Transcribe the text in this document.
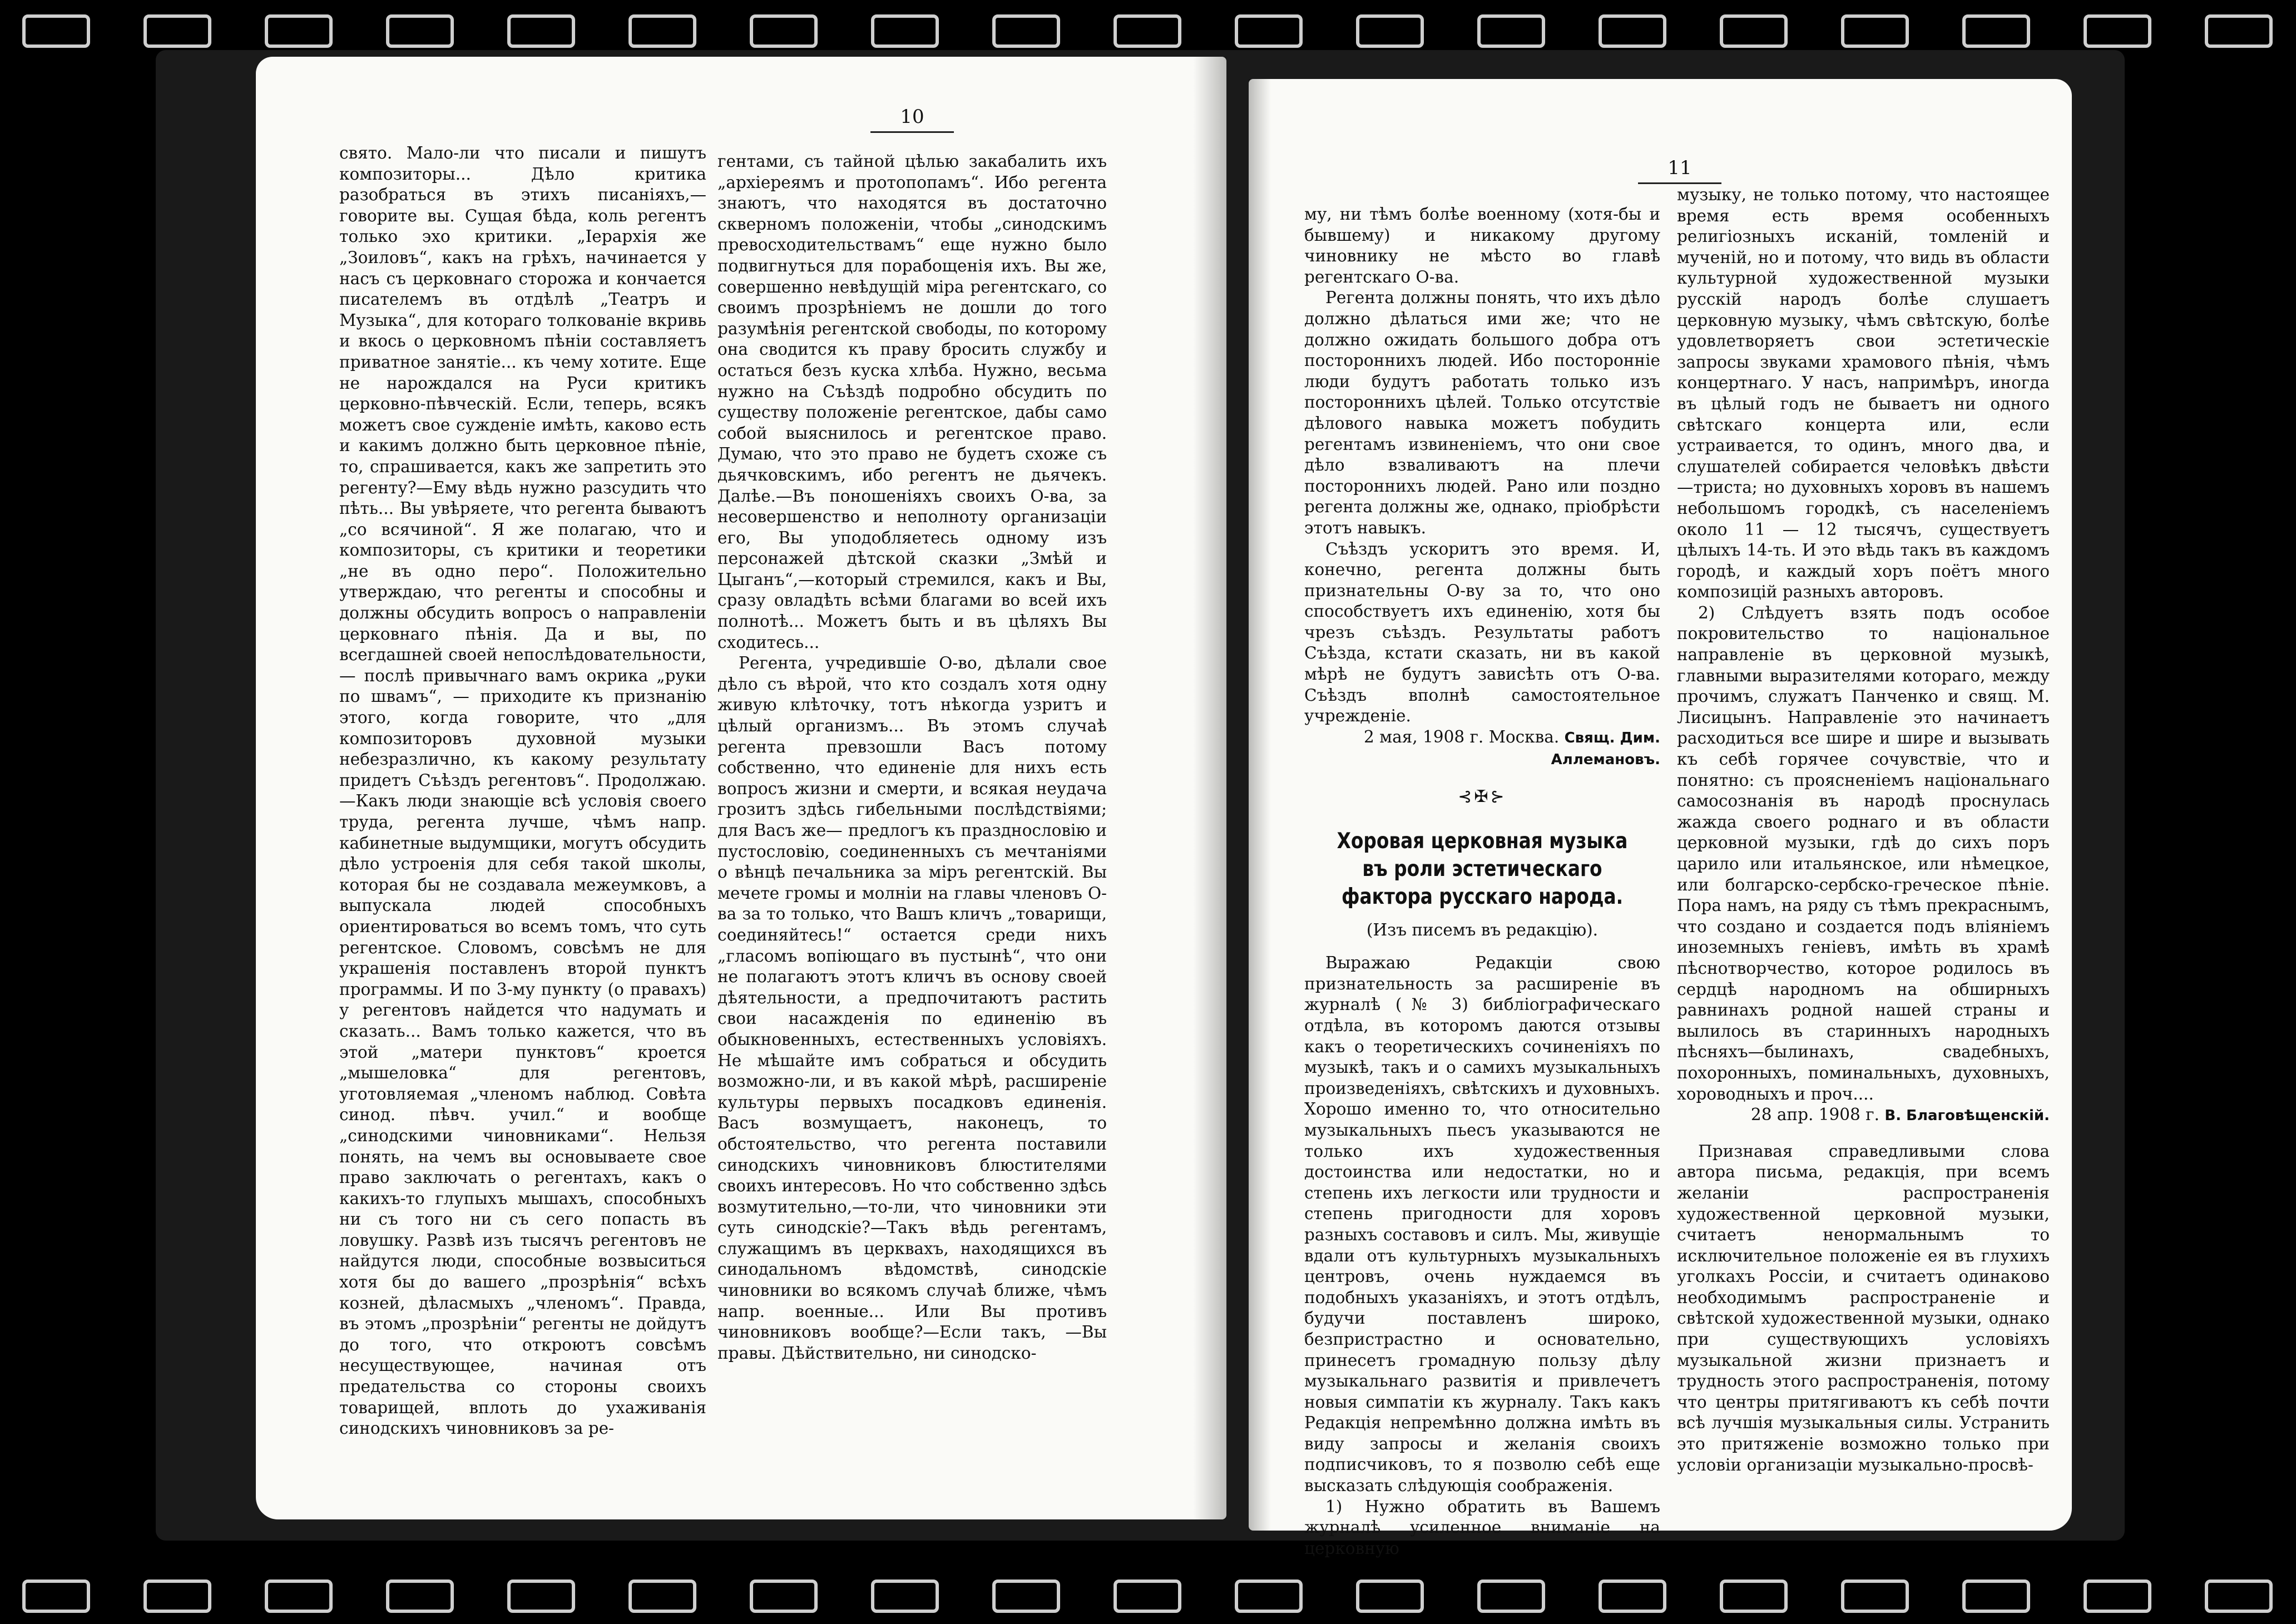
10

свято. Мало-ли что писали и пишутъ композиторы... Дѣло критика разобраться въ этихъ писаніяхъ,—говорите вы. Сущая бѣда, коль регентъ только эхо критики. „Iерархія же „Зоиловъ“, какъ на грѣхъ, начинается у насъ съ церковнаго сторожа и кончается писателемъ въ отдѣлѣ „Театръ и Музыка“, для котораго толкованіе вкривь и вкось о церковномъ пѣніи составляетъ приватное занятіе... къ чему хотите. Еще не нарождался на Руси критикъ церковно-пѣвческій. Если, теперь, всякъ можетъ свое сужденіе имѣть, каково есть и какимъ должно быть церковное пѣніе, то, спрашивается, какъ же запретить это регенту?—Ему вѣдь нужно разсудить что пѣть... Вы увѣряете, что регента бываютъ „со всячиной“. Я же полагаю, что и композиторы, съ критики и теоретики „не въ одно перо“. Положительно утверждаю, что регенты и способны и должны обсудить вопросъ о направленіи церковнаго пѣнія. Да и вы, по всегдашней своей непослѣдовательности, — послѣ привычнаго вамъ окрика „руки по швамъ“, — приходите къ признанію этого, когда говорите, что „для композиторовъ духовной музыки небезразлично, къ какому результату придетъ Съѣздъ регентовъ“. Продолжаю.—Какъ люди знающіе всѣ условія своего труда, регента лучше, чѣмъ напр. кабинетные выдумщики, могутъ обсудить дѣло устроенія для себя такой школы, которая бы не создавала межеумковъ, а выпускала людей способныхъ ориентироваться во всемъ томъ, что суть регентское. Словомъ, совсѣмъ не для украшенія поставленъ второй пунктъ программы. И по 3-му пункту (о правахъ) у регентовъ найдется что надумать и сказать... Вамъ только кажется, что въ этой „матери пунктовъ“ кроется „мышеловка“ для регентовъ, уготовляемая „членомъ наблюд. Совѣта синод. пѣвч. учил.“ и вообще „синодскими чиновниками“. Нельзя понять, на чемъ вы основываете свое право заключать о регентахъ, какъ о какихъ-то глупыхъ мышахъ, способныхъ ни съ того ни съ сего попасть въ ловушку. Развѣ изъ тысячъ регентовъ не найдутся люди, способные возвыситься хотя бы до вашего „прозрѣнія“ всѣхъ козней, дѣласмыхъ „членомъ“. Правда, въ этомъ „прозрѣніи“ регенты не дойдутъ до того, что откроютъ совсѣмъ несуществующее, начиная отъ предательства со стороны своихъ товарищей, вплоть до ухаживанія синодскихъ чиновниковъ за ре-

гентами, съ тайной цѣлью закабалить ихъ „архіереямъ и протопопамъ“. Ибо регента знаютъ, что находятся въ достаточно скверномъ положеніи, чтобы „синодскимъ превосходительствамъ“ еще нужно было подвигнуться для порабощенія ихъ. Вы же, совершенно невѣдущій міра регентскаго, со своимъ прозрѣніемъ не дошли до того разумѣнія регентской свободы, по которому она сводится къ праву бросить службу и остаться безъ куска хлѣба. Нужно, весьма нужно на Съѣздѣ подробно обсудить по существу положеніе регентское, дабы само собой выяснилось и регентское право. Думаю, что это право не будетъ схоже съ дьячковскимъ, ибо регентъ не дьячекъ. Далѣе.—Въ поношеніяхъ своихъ О-ва, за несовершенство и неполноту организаціи его, Вы уподобляетесь одному изъ персонажей дѣтской сказки „Змѣй и Цыганъ“,—который стремился, какъ и Вы, сразу овладѣть всѣми благами во всей ихъ полнотѣ... Можетъ быть и въ цѣляхъ Вы сходитесь...

Регента, учредившіе О-во, дѣлали свое дѣло съ вѣрой, что кто создалъ хотя одну живую клѣточку, тотъ нѣкогда узритъ и цѣлый организмъ... Въ этомъ случаѣ регента превзошли Васъ потому собственно, что единеніе для нихъ есть вопросъ жизни и смерти, и всякая неудача грозитъ здѣсь гибельными послѣдствіями; для Васъ же— предлогъ къ празднословію и пустословію, соединенныхъ съ мечтаніями о вѣнцѣ печальника за міръ регентскій. Вы мечете громы и молніи на главы членовъ О-ва за то только, что Вашъ кличъ „товарищи, соединяйтесь!“ остается среди нихъ „гласомъ вопіющаго въ пустынѣ“, что они не полагаютъ этотъ кличъ въ основу своей дѣятельности, а предпочитаютъ растить свои насажденія по единенію въ обыкновенныхъ, естественныхъ условіяхъ. Не мѣшайте имъ собраться и обсудить возможно-ли, и въ какой мѣрѣ, расширеніе культуры первыхъ посадковъ единенія. Васъ возмущаетъ, наконецъ, то обстоятельство, что регента поставили синодскихъ чиновниковъ блюстителями своихъ интересовъ. Но что собственно здѣсь возмутительно,—то-ли, что чиновники эти суть синодскіе?—Такъ вѣдь регентамъ, служащимъ въ церквахъ, находящихся въ синодальномъ вѣдомствѣ, синодскіе чиновники во всякомъ случаѣ ближе, чѣмъ напр. военные... Или Вы противъ чиновниковъ вообще?—Если такъ, —Вы правы. Дѣйствительно, ни синодско-

11

му, ни тѣмъ болѣе военному (хотя-бы и бывшему) и никакому другому чиновнику не мѣсто во главѣ регентскаго О-ва.

Регента должны понять, что ихъ дѣло должно дѣлаться ими же; что не должно ожидать большого добра отъ постороннихъ людей. Ибо посторонніе люди будутъ работать только изъ постороннихъ цѣлей. Только отсутствіе дѣлового навыка можетъ побудить регентамъ извиненіемъ, что они свое дѣло взваливаютъ на плечи постороннихъ людей. Рано или поздно регента должны же, однако, пріобрѣсти этотъ навыкъ.

Съѣздъ ускоритъ это время. И, конечно, регента должны быть признательны О-ву за то, что оно способствуетъ ихъ единенію, хотя бы чрезъ съѣздъ. Результаты работъ Съѣзда, кстати сказать, ни въ какой мѣрѣ не будутъ зависѣть отъ О-ва. Съѣздъ вполнѣ самостоятельное учрежденіе.

2 мая, 1908 г. Москва. Свящ. Дим. Аллемановъ.

⊰✠⊱
Хоровая церковная музыка въ роли эстетическаго фактора русскаго народа.
(Изъ писемъ въ редакцію).

Выражаю Редакціи свою признательность за расширеніе въ журналѣ (№ 3) библіографическаго отдѣла, въ которомъ даются отзывы какъ о теоретическихъ сочиненіяхъ по музыкѣ, такъ и о самихъ музыкальныхъ произведеніяхъ, свѣтскихъ и духовныхъ. Хорошо именно то, что относительно музыкальныхъ пьесъ указываются не только ихъ художественныя достоинства или недостатки, но и степень ихъ легкости или трудности и степень пригодности для хоровъ разныхъ составовъ и силъ. Мы, живущіе вдали отъ культурныхъ музыкальныхъ центровъ, очень нуждаемся въ подобныхъ указаніяхъ, и этотъ отдѣлъ, будучи поставленъ широко, безпристрастно и основательно, принесетъ громадную пользу дѣлу музыкальнаго развитія и привлечетъ новыя симпатіи къ журналу. Такъ какъ Редакція непремѣнно должна имѣть въ виду запросы и желанія своихъ подписчиковъ, то я позволю себѣ еще высказать слѣдующія соображенія.

1) Нужно обратить въ Вашемъ журналѣ усиленное вниманіе на церковную

музыку, не только потому, что настоящее время есть время особенныхъ религіозныхъ исканій, томленій и мученій, но и потому, что видь въ области культурной художественной музыки русскій народъ болѣе слушаетъ церковную музыку, чѣмъ свѣтскую, болѣе удовлетворяетъ свои эстетическіе запросы звуками храмового пѣнія, чѣмъ концертнаго. У насъ, напримѣръ, иногда въ цѣлый годъ не бываетъ ни одного свѣтскаго концерта или, если устраивается, то одинъ, много два, и слушателей собирается человѣкъ двѣсти—триста; но духовныхъ хоровъ въ нашемъ небольшомъ городкѣ, съ населеніемъ около 11 — 12 тысячъ, существуетъ цѣлыхъ 14-ть. И это вѣдь такъ въ каждомъ городѣ, и каждый хоръ поётъ много композицій разныхъ авторовъ.

2) Слѣдуетъ взять подъ особое покровительство то національное направленіе въ церковной музыкѣ, главными выразителями котораго, между прочимъ, служатъ Панченко и свящ. М. Лисицынъ. Направленіе это начинаетъ расходиться все шире и шире и вызывать къ себѣ горячее сочувствіе, что и понятно: съ проясненіемъ національнаго самосознанія въ народѣ проснулась жажда своего роднаго и въ области церковной музыки, гдѣ до сихъ поръ царило или итальянское, или нѣмецкое, или болгарско-сербско-греческое пѣніе. Пора намъ, на ряду съ тѣмъ прекраснымъ, что создано и создается подъ вліяніемъ иноземныхъ геніевъ, имѣть въ храмѣ пѣснотворчество, которое родилось въ сердцѣ народномъ на обширныхъ равнинахъ родной нашей страны и вылилось въ старинныхъ народныхъ пѣсняхъ—былинахъ, свадебныхъ, похоронныхъ, поминальныхъ, духовныхъ, хороводныхъ и проч....

28 апр. 1908 г. В. Благовѣщенскій.

Признавая справедливыми слова автора письма, редакція, при всемъ желаніи распространенія художественной церковной музыки, считаетъ ненормальнымъ то исключительное положеніе ея въ глухихъ уголкахъ Россіи, и считаетъ одинаково необходимымъ распространеніе и свѣтской художественной музыки, однако при существующихъ условіяхъ музыкальной жизни признаетъ и трудность этого распространенія, потому что центры притягиваютъ къ себѣ почти всѣ лучшія музыкальныя силы. Устранить это притяженіе возможно только при условіи организаціи музыкально-просвѣ-
